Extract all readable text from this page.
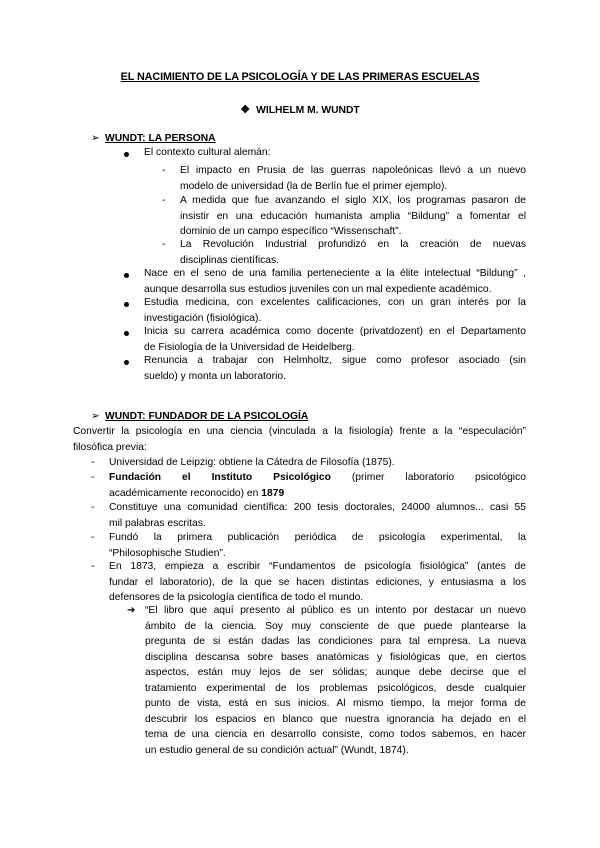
EL NACIMIENTO DE LA PSICOLOGÍA Y DE LAS PRIMERAS ESCUELAS
❖ WILHELM M. WUNDT
➢ WUNDT: LA PERSONA
El contexto cultural alemán:
- El impacto en Prusia de las guerras napoleónicas llevó a un nuevo
modelo de universidad (la de Berlín fue el primer ejemplo).
- A medida que fue avanzando el siglo XIX, los programas pasaron de
insistir en una educación humanista amplia “Bildung” a fomentar el
dominio de un campo específico “Wissenschaft”.
- La Revolución Industrial profundizó en la creación de nuevas
disciplinas científicas.
Nace en el seno de una familia perteneciente a la élite intelectual “Bildung” ,
aunque desarrolla sus estudios juveniles con un mal expediente académico.
Estudia medicina, con excelentes calificaciones, con un gran interés por la
investigación (fisiológica).
Inicia su carrera académica como docente (privatdozent) en el Departamento
de Fisiología de la Universidad de Heidelberg.
Renuncia a trabajar con Helmholtz, sigue como profesor asociado (sin
sueldo) y monta un laboratorio.
➢ WUNDT: FUNDADOR DE LA PSICOLOGÍA
Convertir la psicología en una ciencia (vinculada a la fisiología) frente a la “especulación”
filosófica previa:
- Universidad de Leipzig: obtiene la Cátedra de Filosofía (1875).
- Fundación el Instituto Psicológico (primer laboratorio psicológico
académicamente reconocido) en 1879
- Constituye una comunidad científica: 200 tesis doctorales, 24000 alumnos... casi 55
mil palabras escritas.
- Fundó la primera publicación periódica de psicología experimental, la
“Philosophische Studien”.
- En 1873, empieza a escribir “Fundamentos de psicología fisiológica” (antes de
fundar el laboratorio), de la que se hacen distintas ediciones, y entusiasma a los
defensores de la psicología científica de todo el mundo.
➔ “El libro que aquí presento al público es un intento por destacar un nuevo
ámbito de la ciencia. Soy muy consciente de que puede plantearse la
pregunta de si están dadas las condiciones para tal empresa. La nueva
disciplina descansa sobre bases anatómicas y fisiológicas que, en ciertos
aspectos, están muy lejos de ser sólidas; aunque debe decirse que el
tratamiento experimental de los problemas psicológicos, desde cualquier
punto de vista, está en sus inicios. Al mismo tiempo, la mejor forma de
descubrir los espacios en blanco que nuestra ignorancia ha dejado en el
tema de una ciencia en desarrollo consiste, como todos sabemos, en hacer
un estudio general de su condición actual” (Wundt, 1874).
